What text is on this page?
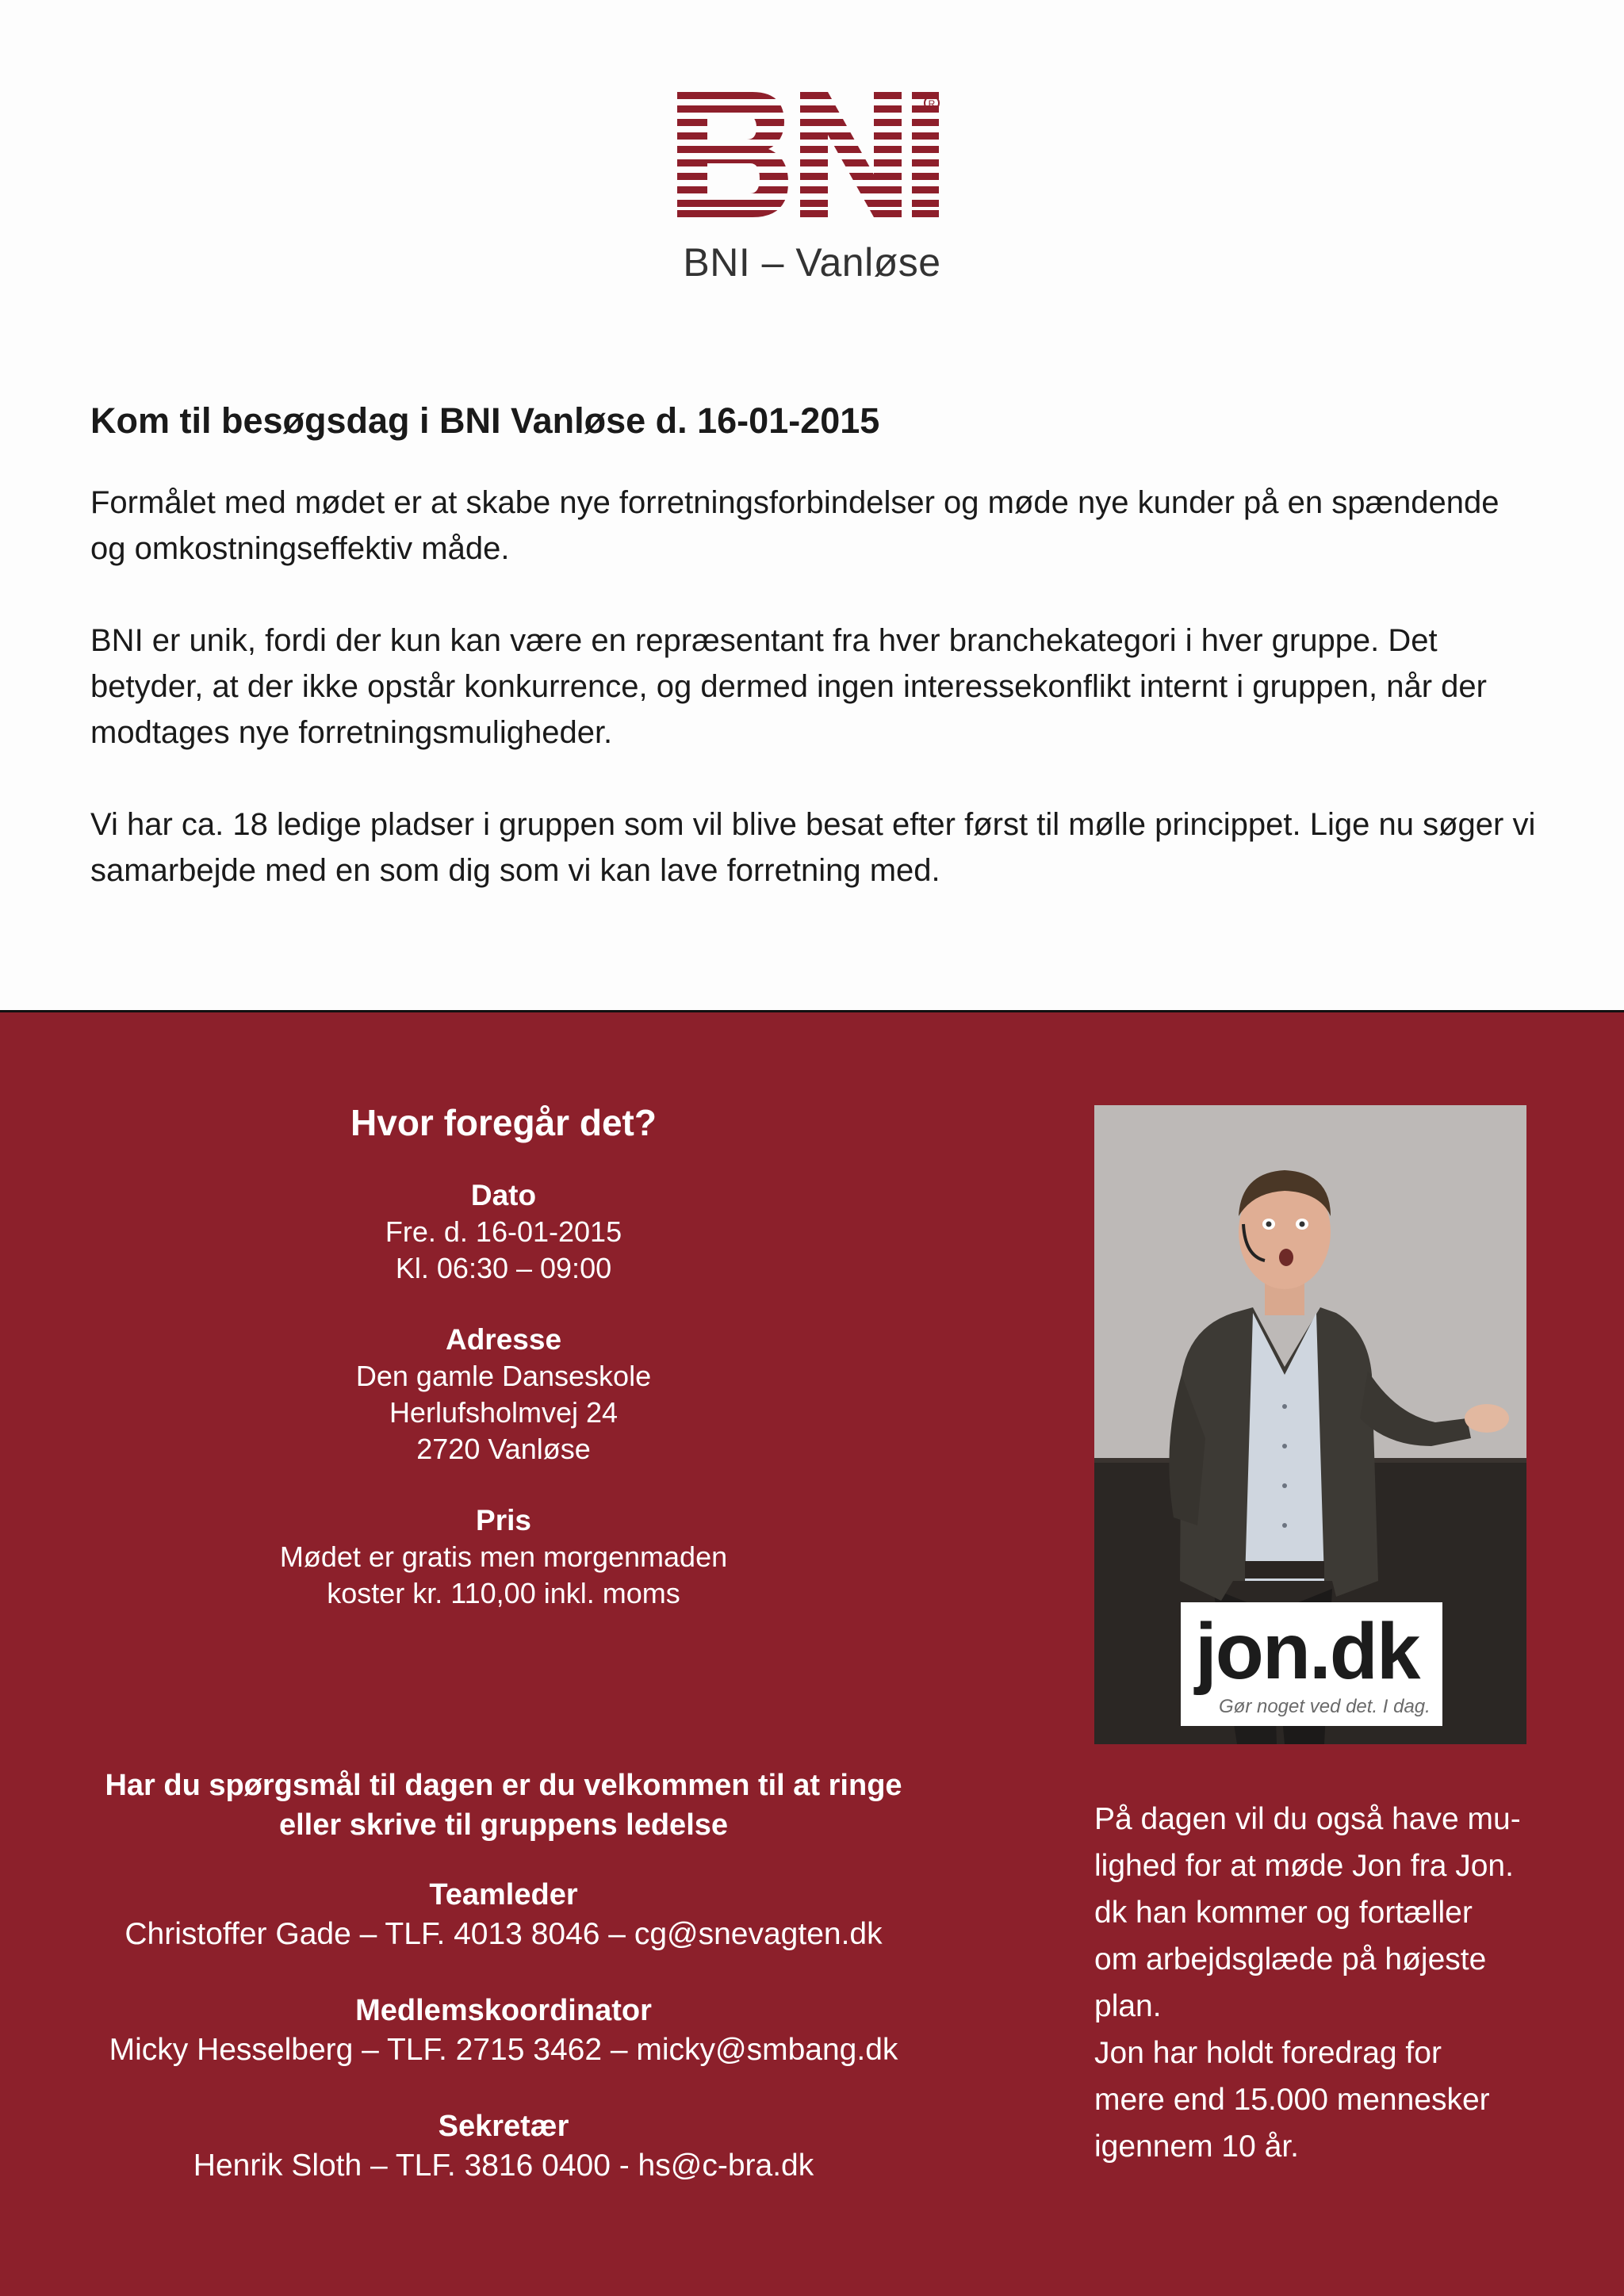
R
BNI – Vanløse
Kom til besøgsdag i BNI Vanløse d. 16-01-2015

Formålet med mødet er at skabe nye forretningsforbindelser og møde nye kunder på en spændende og omkostningseffektiv måde.

BNI er unik, fordi der kun kan være en repræsentant fra hver branchekategori i hver gruppe. Det betyder, at der ikke opstår konkurrence, og dermed ingen interessekonflikt internt i gruppen, når der modtages nye forretningsmuligheder.

Vi har ca. 18 ledige pladser i gruppen som vil blive besat efter først til mølle princippet. Lige nu søger vi samarbejde med en som dig som vi kan lave forretning med.

Hvor foregår det?
Dato
Fre. d. 16-01-2015
Kl. 06:30 – 09:00
Adresse
Den gamle Danseskole
Herlufsholmvej 24
2720 Vanløse
Pris
Mødet er gratis men morgenmaden
koster kr. 110,00 inkl. moms
Har du spørgsmål til dagen er du velkommen til at ringe
eller skrive til gruppens ledelse
Teamleder
Christoffer Gade – TLF. 4013 8046 – cg@snevagten.dk
Medlemskoordinator
Micky Hesselberg – TLF. 2715 3462 – micky@smbang.dk
Sekretær
Henrik Sloth – TLF. 3816 0400 - hs@c-bra.dk
jon.dk
Gør noget ved det. I dag.

På dagen vil du også have mu-

lighed for at møde Jon fra Jon.

dk han kommer og fortæller

om arbejdsglæde på højeste

plan.

Jon har holdt foredrag for

mere end 15.000 mennesker

igennem 10 år.
